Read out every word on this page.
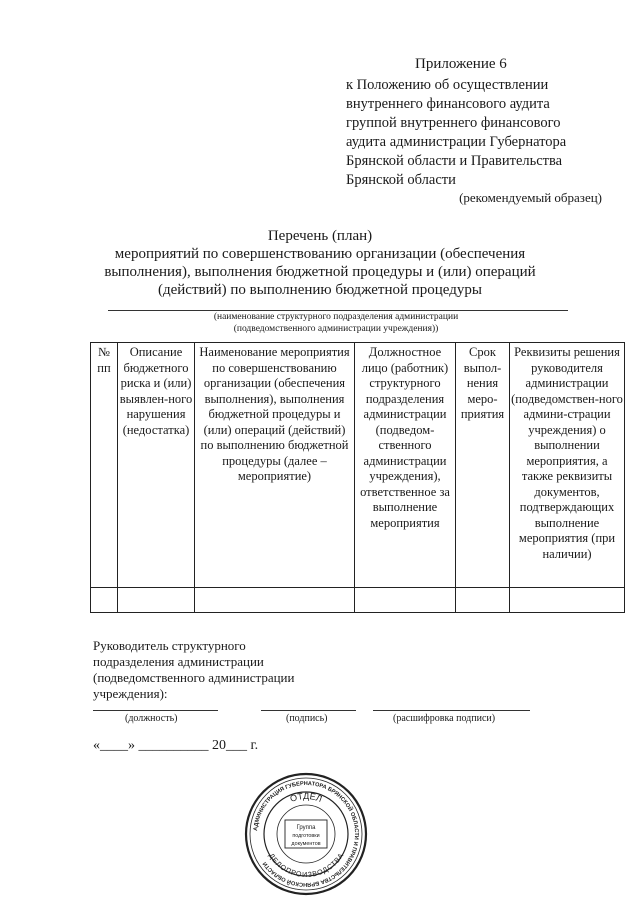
Приложение 6
к Положению об осуществлении
внутреннего финансового аудита
группой внутреннего финансового
аудита администрации Губернатора
Брянской области и Правительства
Брянской области
(рекомендуемый образец)
Перечень (план)
мероприятий по совершенствованию организации (обеспечения
выполнения), выполнения бюджетной процедуры и (или) операций
(действий) по выполнению бюджетной процедуры
(наименование структурного подразделения администрации
(подведомственного администрации учреждения))
№ пп	Описание бюджетного риска и (или) выявлен-ного нарушения (недостатка)	Наименование мероприятия по совершенствованию организации (обеспечения выполнения), выполнения бюджетной процедуры и (или) операций (действий) по выполнению бюджетной процедуры (далее – мероприятие)	Должностное лицо (работник) структурного подразделения администрации (подведом-ственного администрации учреждения), ответственное за выполнение мероприятия	Срок выпол-нения меро-приятия	Реквизиты решения руководителя администрации (подведомствен-ного админи-страции учреждения) о выполнении мероприятия, а также реквизиты документов, подтверждающих выполнение мероприятия (при наличии)

Руководитель структурного
подразделения администрации
(подведомственного администрации
учреждения):
(должность)	(подпись)	(расшифровка подписи)
«____» __________ 20___ г.
АДМИНИСТРАЦИЯ ГУБЕРНАТОРА БРЯНСКОЙ ОБЛАСТИ И ПРАВИТЕЛЬСТВА БРЯНСКОЙ ОБЛАСТИ
ОТДЕЛ
ДЕЛОПРОИЗВОДСТВА
Группа
подготовки
документов
